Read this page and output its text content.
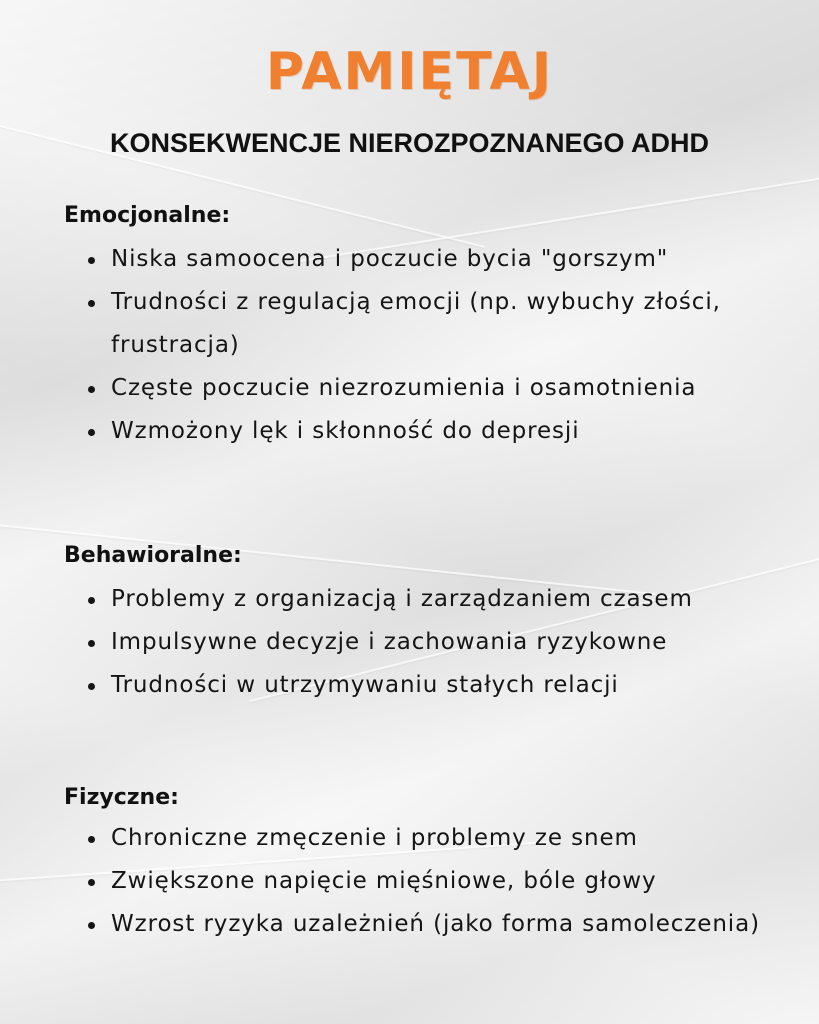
PAMIĘTAJ
KONSEKWENCJE NIEROZPOZNANEGO ADHD
Emocjonalne:
Niska samoocena i poczucie bycia "gorszym"
Trudności z regulacją emocji (np. wybuchy złości, frustracja)
Częste poczucie niezrozumienia i osamotnienia
Wzmożony lęk i skłonność do depresji
Behawioralne:
Problemy z organizacją i zarządzaniem czasem
Impulsywne decyzje i zachowania ryzykowne
Trudności w utrzymywaniu stałych relacji
Fizyczne:
Chroniczne zmęczenie i problemy ze snem
Zwiększone napięcie mięśniowe, bóle głowy
Wzrost ryzyka uzależnień (jako forma samoleczenia)
